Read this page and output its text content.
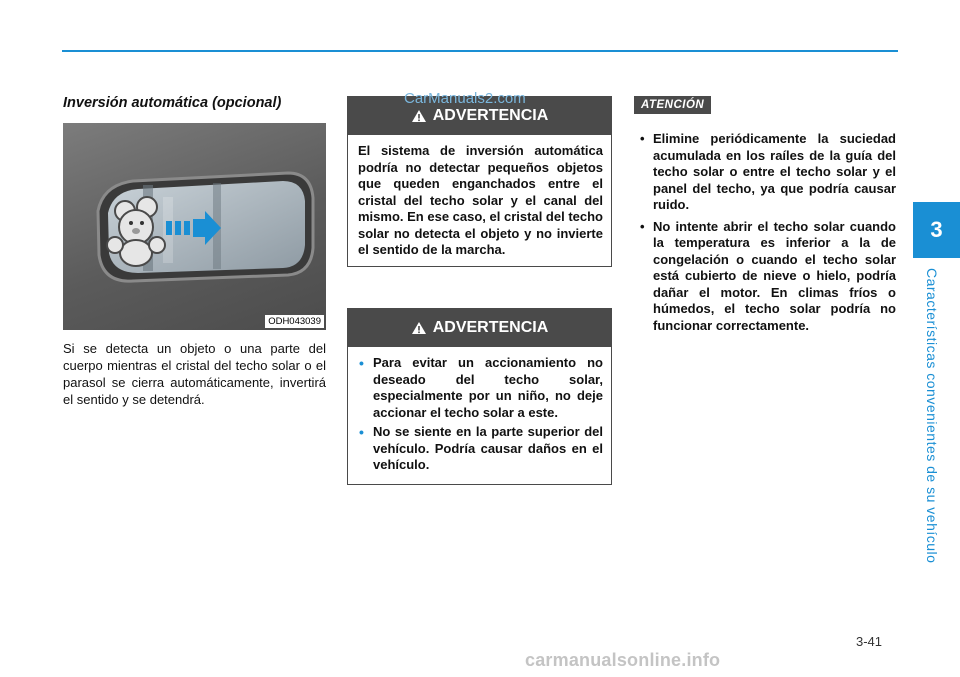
3
Características convenientes de su vehículo
Inversión automática (opcional)
ODH043039
Si se detecta un objeto o una parte del cuerpo mientras el cristal del techo solar o el parasol se cierra automáticamente, invertirá el sentido y se detendrá.
ADVERTENCIA

El sistema de inversión automática podría no detectar pequeños objetos que queden enganchados entre el cristal del techo solar y el canal del mismo. En ese caso, el cristal del techo solar no detecta el objeto y no invierte el sentido de la marcha.

ADVERTENCIA
• Para evitar un accionamiento no deseado del techo solar, especialmente por un niño, no deje accionar el techo solar a este.
• No se siente en la parte superior del vehículo. Podría causar daños en el vehículo.
ATENCIÓN
• Elimine periódicamente la suciedad acumulada en los raíles de la guía del techo solar o entre el techo solar y el panel del techo, ya que podría causar ruido.
• No intente abrir el techo solar cuando la temperatura es inferior a la de congelación o cuando el techo solar está cubierto de nieve o hielo, podría dañar el motor. En climas fríos o húmedos, el techo solar podría no funcionar correctamente.
CarManuals2.com
3-41
carmanualsonline.info
